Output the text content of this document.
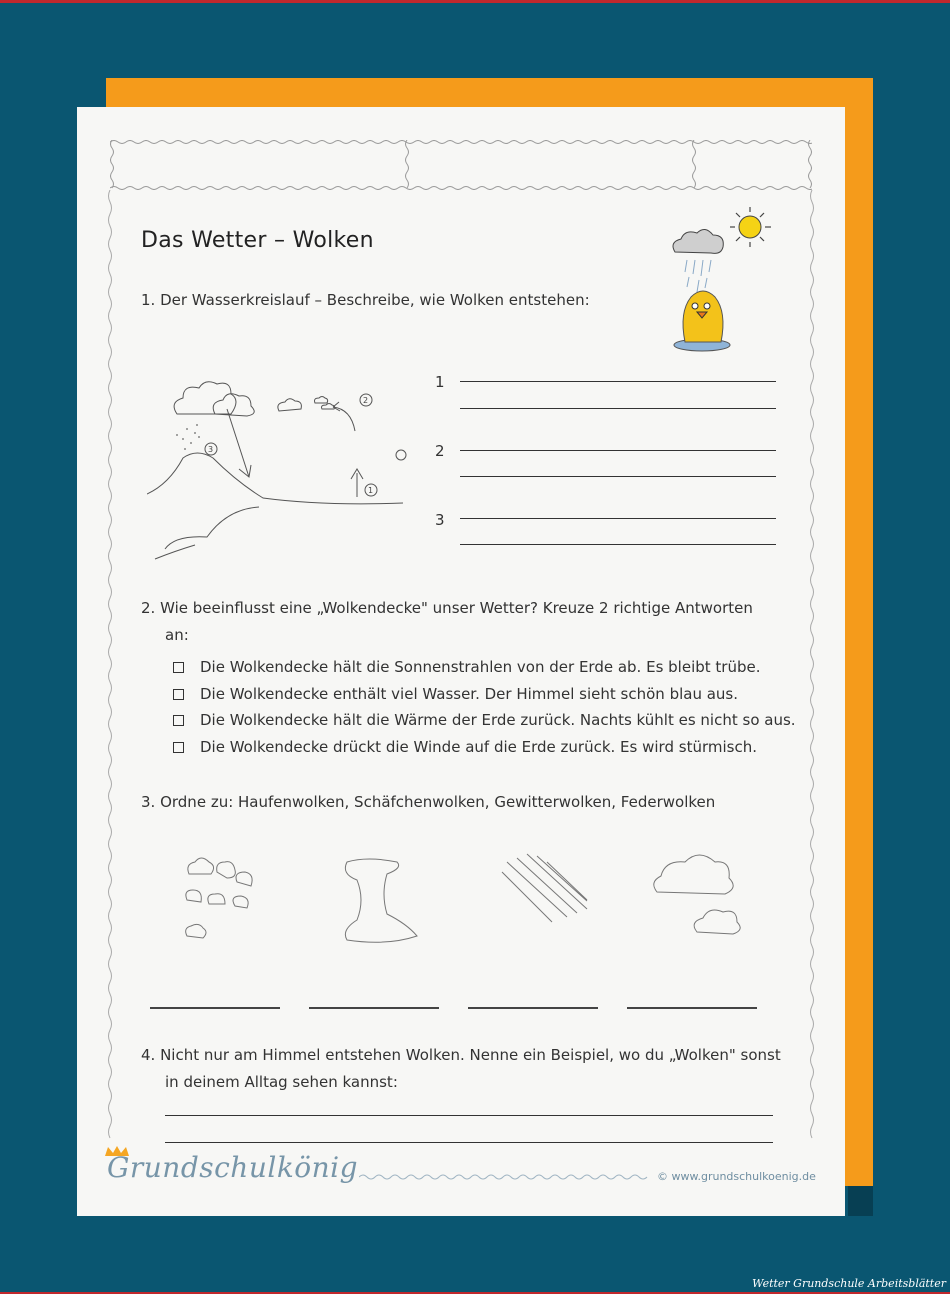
Das Wetter – Wolken
1. Der Wasserkreislauf – Beschreibe, wie Wolken entstehen:
2
3
1
1
2
3
2. Wie beeinflusst eine „Wolkendecke" unser Wetter? Kreuze 2 richtige Antworten
an:
Die Wolkendecke hält die Sonnenstrahlen von der Erde ab. Es bleibt trübe.
Die Wolkendecke enthält viel Wasser. Der Himmel sieht schön blau aus.
Die Wolkendecke hält die Wärme der Erde zurück. Nachts kühlt es nicht so aus.
Die Wolkendecke drückt die Winde auf die Erde zurück. Es wird stürmisch.
3. Ordne zu: Haufenwolken, Schäfchenwolken, Gewitterwolken, Federwolken
4. Nicht nur am Himmel entstehen Wolken. Nenne ein Beispiel, wo du „Wolken" sonst
in deinem Alltag sehen kannst:
Grundschulkönig	© www.grundschulkoenig.de
Wetter Grundschule Arbeitsblätter
